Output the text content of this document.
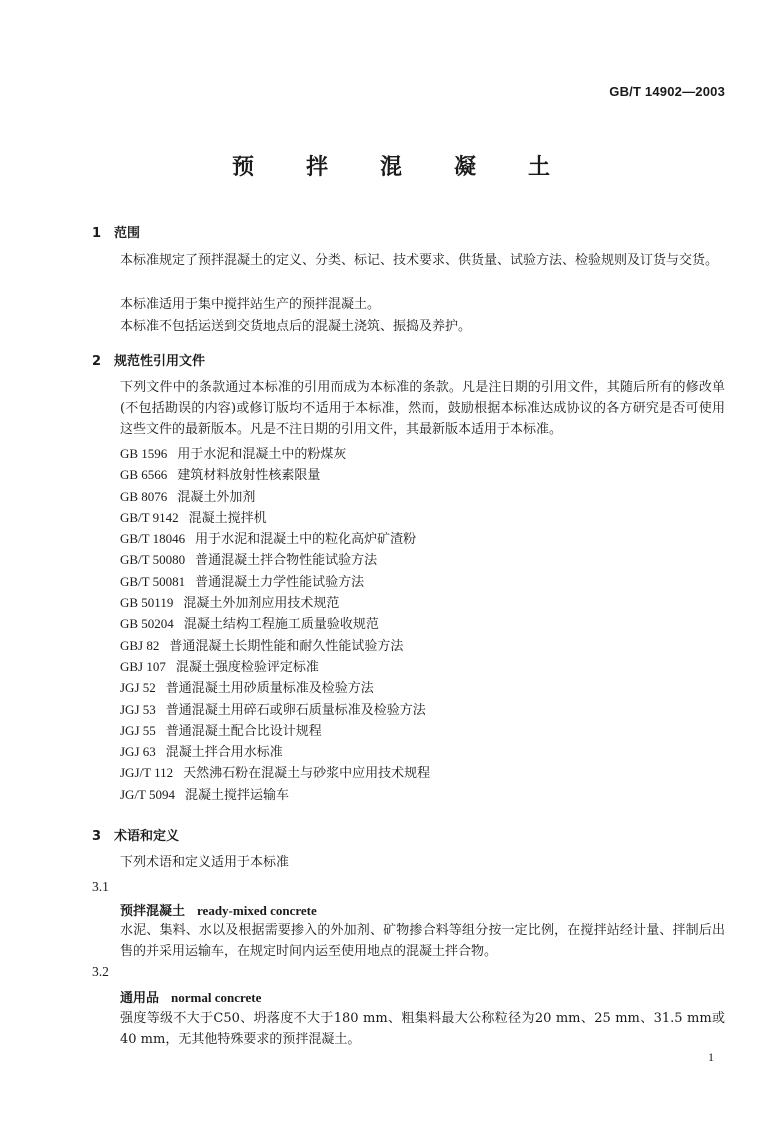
GB/T 14902—2003
预 拌 混 凝 土
1 范围
本标准规定了预拌混凝土的定义、分类、标记、技术要求、供货量、试验方法、检验规则及订货与交货。
本标准适用于集中搅拌站生产的预拌混凝土。
本标准不包括运送到交货地点后的混凝土浇筑、振捣及养护。
2 规范性引用文件
下列文件中的条款通过本标准的引用而成为本标准的条款。凡是注日期的引用文件，其随后所有的修改单(不包括勘误的内容)或修订版均不适用于本标准，然而，鼓励根据本标准达成协议的各方研究是否可使用这些文件的最新版本。凡是不注日期的引用文件，其最新版本适用于本标准。
GB 1596 用于水泥和混凝土中的粉煤灰
GB 6566 建筑材料放射性核素限量
GB 8076 混凝土外加剂
GB/T 9142 混凝土搅拌机
GB/T 18046 用于水泥和混凝土中的粒化高炉矿渣粉
GB/T 50080 普通混凝土拌合物性能试验方法
GB/T 50081 普通混凝土力学性能试验方法
GB 50119 混凝土外加剂应用技术规范
GB 50204 混凝土结构工程施工质量验收规范
GBJ 82 普通混凝土长期性能和耐久性能试验方法
GBJ 107 混凝土强度检验评定标准
JGJ 52 普通混凝土用砂质量标准及检验方法
JGJ 53 普通混凝土用碎石或卵石质量标准及检验方法
JGJ 55 普通混凝土配合比设计规程
JGJ 63 混凝土拌合用水标准
JGJ/T 112 天然沸石粉在混凝土与砂浆中应用技术规程
JG/T 5094 混凝土搅拌运输车
3 术语和定义
下列术语和定义适用于本标准
3.1
预拌混凝土 ready-mixed concrete
水泥、集料、水以及根据需要掺入的外加剂、矿物掺合料等组分按一定比例，在搅拌站经计量、拌制后出售的并采用运输车，在规定时间内运至使用地点的混凝土拌合物。
3.2
通用品 normal concrete
强度等级不大于C50、坍落度不大于180 mm、粗集料最大公称粒径为20 mm、25 mm、31.5 mm或40 mm，无其他特殊要求的预拌混凝土。
1
